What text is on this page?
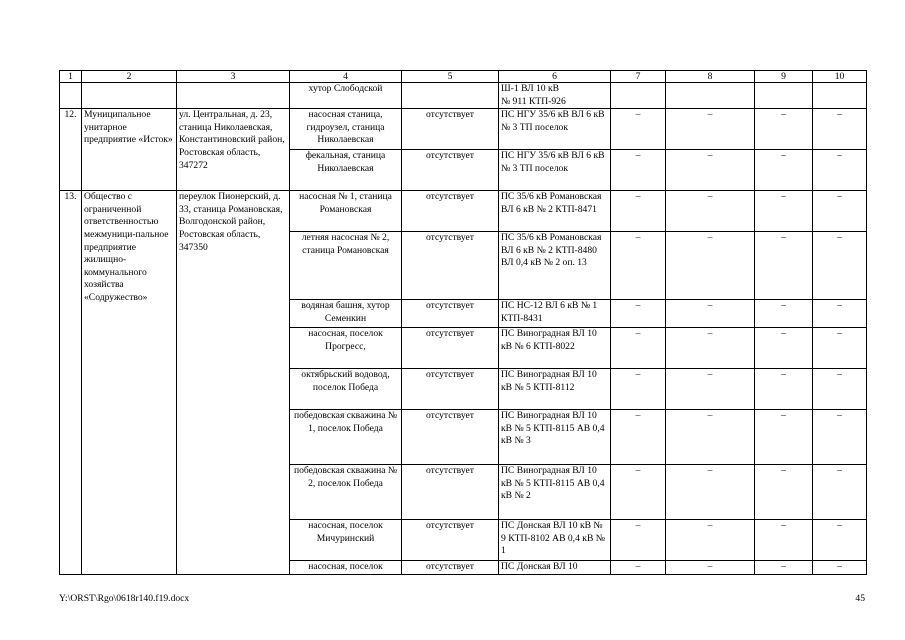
1	2	3	4	5	6	7	8	9	10
			хутор Слободской		Ш-1 ВЛ 10 кВ
№ 911 КТП-926				
12.	Муниципальное унитарное предприятие «Исток»	ул. Центральная, д. 23, станица Николаевская, Константиновский район, Ростовская область, 347272	насосная станица, гидроузел, станица Николаевская	отсутствует	ПС НГУ 35/6 кВ ВЛ 6 кВ № 3 ТП поселок	–	–	–	–
			фекальная, станица Николаевская	отсутствует	ПС НГУ 35/6 кВ ВЛ 6 кВ № 3 ТП поселок	–	–	–	–
13.	Общество с ограниченной ответственностью межмуници-пальное предприятие жилищно-коммунального хозяйства «Содружество»	переулок Пионерский, д. 33, станица Романовская, Волгодонской район, Ростовская область, 347350	насосная № 1, станица Романовская	отсутствует	ПС 35/6 кВ Романовская ВЛ 6 кВ № 2 КТП-8471	–	–	–	–
			летняя насосная № 2, станица Романовская	отсутствует	ПС 35/6 кВ Романовская ВЛ 6 кВ № 2 КТП-8480 ВЛ 0,4 кВ № 2 оп. 13	–	–	–	–
			водяная башня, хутор Семенкин	отсутствует	ПС НС-12 ВЛ 6 кВ № 1 КТП-8431	–	–	–	–
			насосная, поселок Прогресс,	отсутствует	ПС Виноградная ВЛ 10 кВ № 6 КТП-8022	–	–	–	–
			октябрьский водовод, поселок Победа	отсутствует	ПС Виноградная ВЛ 10 кВ № 5 КТП-8112	–	–	–	–
			победовская скважина № 1, поселок Победа	отсутствует	ПС Виноградная ВЛ 10 кВ № 5 КТП-8115 АВ 0,4 кВ № 3	–	–	–	–
			победовская скважина № 2, поселок Победа	отсутствует	ПС Виноградная ВЛ 10 кВ № 5 КТП-8115 АВ 0,4 кВ № 2	–	–	–	–
			насосная, поселок Мичуринский	отсутствует	ПС Донская ВЛ 10 кВ № 9 КТП-8102 АВ 0,4 кВ № 1	–	–	–	–
			насосная, поселок	отсутствует	ПС Донская ВЛ 10	–	–	–	–
Y:\ORST\Rgo\0618r140.f19.docx	45
